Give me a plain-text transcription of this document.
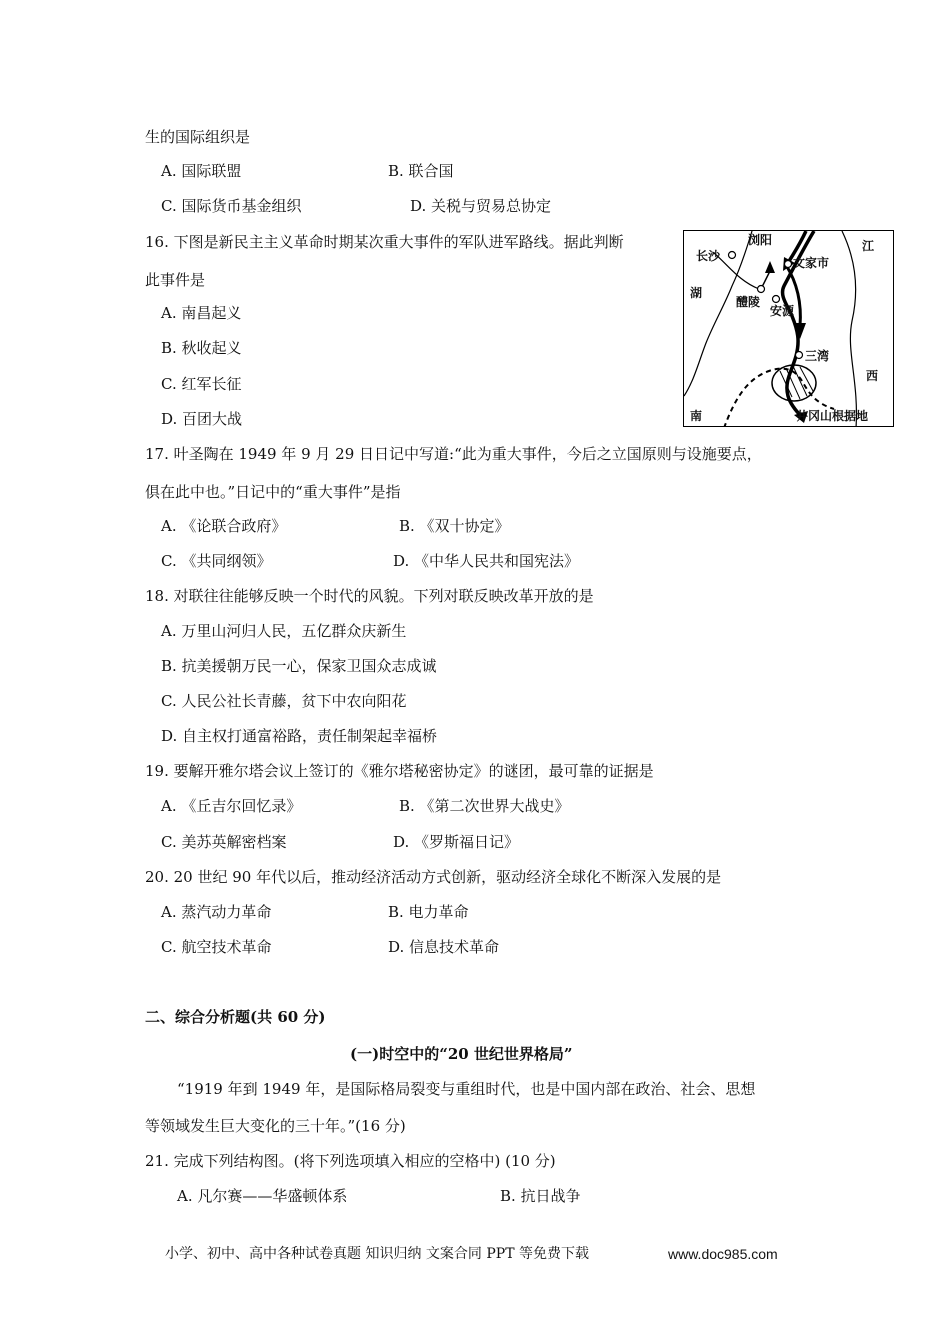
生的国际组织是
A. 国际联盟	B. 联合国
C. 国际货币基金组织	D. 关税与贸易总协定
16. 下图是新民主主义革命时期某次重大事件的军队进军路线。据此判断
此事件是
A. 南昌起义
B. 秋收起义
C. 红军长征
D. 百团大战
长沙
浏阳
文家市
醴陵
安源
三湾
井冈山根据地
湖
南
江
西
17. 叶圣陶在 1949 年 9 月 29 日日记中写道:“此为重大事件，今后之立国原则与设施要点，
俱在此中也。”日记中的“重大事件”是指
A. 《论联合政府》	B. 《双十协定》
C. 《共同纲领》	D. 《中华人民共和国宪法》
18. 对联往往能够反映一个时代的风貌。下列对联反映改革开放的是
A. 万里山河归人民，五亿群众庆新生
B. 抗美援朝万民一心，保家卫国众志成诚
C. 人民公社长青藤，贫下中农向阳花
D. 自主权打通富裕路，责任制架起幸福桥
19. 要解开雅尔塔会议上签订的《雅尔塔秘密协定》的谜团，最可靠的证据是
A. 《丘吉尔回忆录》	B. 《第二次世界大战史》
C. 美苏英解密档案	D. 《罗斯福日记》
20. 20 世纪 90 年代以后，推动经济活动方式创新，驱动经济全球化不断深入发展的是
A. 蒸汽动力革命	B. 电力革命
C. 航空技术革命	D. 信息技术革命
二、综合分析题(共 60 分)
(一)时空中的“20 世纪世界格局”
“1919 年到 1949 年，是国际格局裂变与重组时代，也是中国内部在政治、社会、思想
等领域发生巨大变化的三十年。”(16 分)
21. 完成下列结构图。(将下列选项填入相应的空格中) (10 分)
A. 凡尔赛——华盛顿体系	B. 抗日战争
小学、初中、高中各种试卷真题 知识归纳 文案合同 PPT 等免费下载	www.doc985.com
